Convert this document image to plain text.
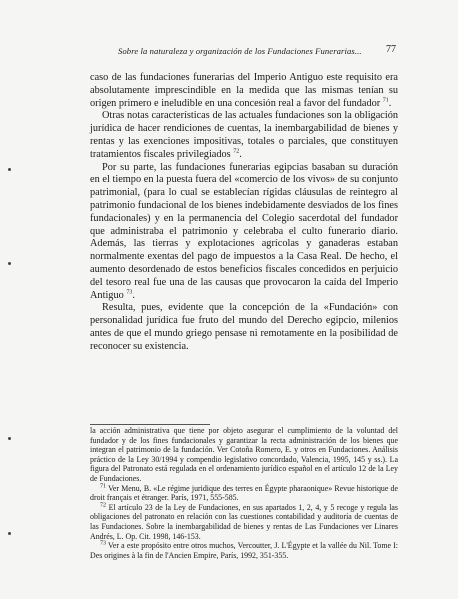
Sobre la naturaleza y organización de los Fundaciones Funerarias...	77

caso de las fundaciones funerarias del Imperio Antiguo este requisito era absolutamente imprescindible en la medida que las mismas tenían su origen primero e ineludible en una concesión real a favor del fundador $^{71}$.

Otras notas características de las actuales fundaciones son la obligación jurídica de hacer rendiciones de cuentas, la inembargabilidad de bienes y rentas y las exenciones impositivas, totales o parciales, que constituyen tratamientos fiscales privilegiados $^{72}$.

Por su parte, las fundaciones funerarias egipcias basaban su duración en el tiempo en la puesta fuera del «comercio de los vivos» de su conjunto patrimonial, (para lo cual se establecían rígidas cláusulas de reintegro al patrimonio fundacional de los bienes indebidamente desviados de los fines fundacionales) y en la permanencia del Colegio sacerdotal del fundador que administraba el patrimonio y celebraba el culto funerario diario. Además, las tierras y explotaciones agrícolas y ganaderas estaban normalmente exentas del pago de impuestos a la Casa Real. De hecho, el aumento desordenado de estos beneficios fiscales concedidos en perjuicio del tesoro real fue una de las causas que provocaron la caída del Imperio Antiguo $^{73}$.

Resulta, pues, evidente que la concepción de la «Fundación» con personalidad jurídica fue fruto del mundo del Derecho egipcio, milenios antes de que el mundo griego pensase ni remotamente en la posibilidad de reconocer su existencia.

la acción administrativa que tiene por objeto asegurar el cumplimiento de la voluntad del fundador y de los fines fundacionales y garantizar la recta administración de los bienes que integran el patrimonio de la fundación. Ver Cotoña Romero, E. y otros en Fundaciones. Análisis práctico de la Ley 30/1994 y compendio legislativo concordado, Valencia, 1995, 145 y ss.). La figura del Patronato está regulada en el ordenamiento jurídico español en el artículo 12 de la Ley de Fundaciones.

$^{71}$ Ver Menu, B. «Le régime juridique des terres en Égypte pharaonique» Revue historique de droit français et étranger. París, 1971, 555-585.

$^{72}$ El artículo 23 de la Ley de Fundaciones, en sus apartados 1, 2, 4, y 5 recoge y regula las obligaciones del patronato en relación con las cuestiones contabilidad y auditoría de cuentas de las Fundaciones. Sobre la inembargabilidad de bienes y rentas de Las Fundaciones ver Linares Andrés, L. Op. Cit. 1998, 146-153.

$^{73}$ Ver a este propósito entre otros muchos, Vercoutter, J. L'Égypte et la vallée du Nil. Tome I: Des origines à la fin de l'Ancien Empire, París, 1992, 351-355.
